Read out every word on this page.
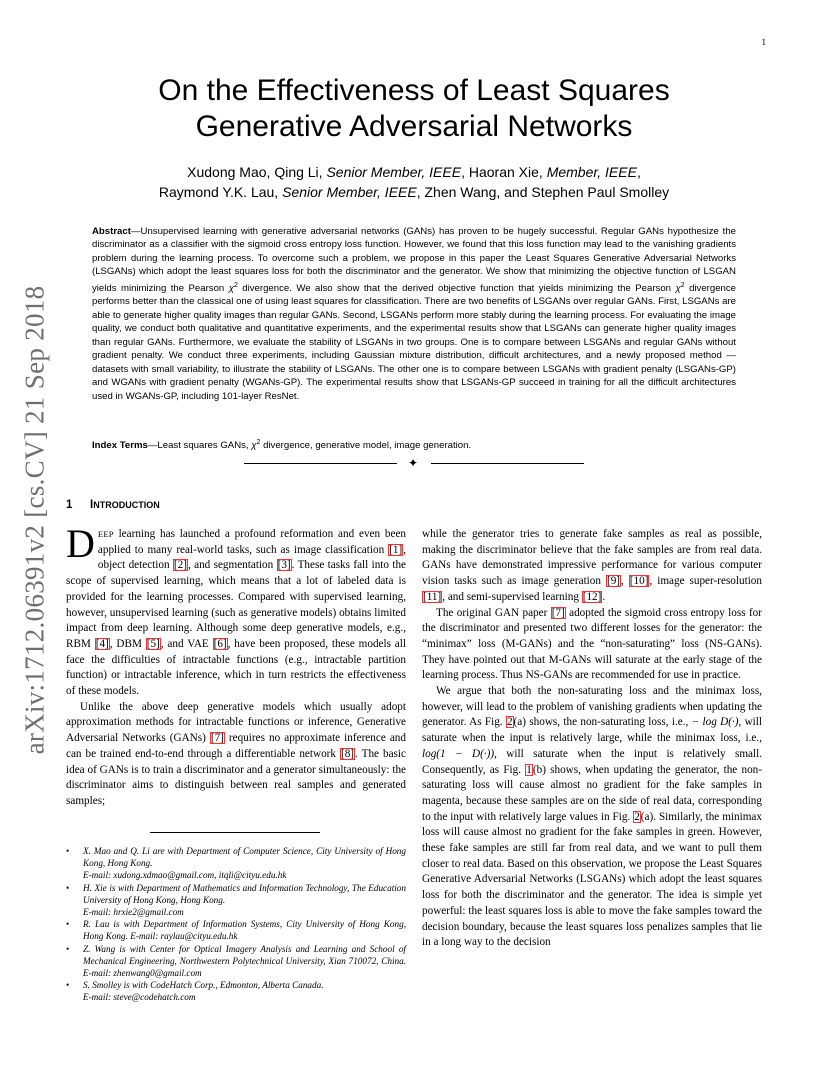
1
arXiv:1712.06391v2 [cs.CV] 21 Sep 2018
On the Effectiveness of Least Squares
Generative Adversarial Networks
Xudong Mao, Qing Li, Senior Member, IEEE, Haoran Xie, Member, IEEE,
Raymond Y.K. Lau, Senior Member, IEEE, Zhen Wang, and Stephen Paul Smolley
Abstract—Unsupervised learning with generative adversarial networks (GANs) has proven to be hugely successful. Regular GANs hypothesize the discriminator as a classifier with the sigmoid cross entropy loss function. However, we found that this loss function may lead to the vanishing gradients problem during the learning process. To overcome such a problem, we propose in this paper the Least Squares Generative Adversarial Networks (LSGANs) which adopt the least squares loss for both the discriminator and the generator. We show that minimizing the objective function of LSGAN yields minimizing the Pearson $\chi^2$ divergence. We also show that the derived objective function that yields minimizing the Pearson $\chi^2$ divergence performs better than the classical one of using least squares for classification. There are two benefits of LSGANs over regular GANs. First, LSGANs are able to generate higher quality images than regular GANs. Second, LSGANs perform more stably during the learning process. For evaluating the image quality, we conduct both qualitative and quantitative experiments, and the experimental results show that LSGANs can generate higher quality images than regular GANs. Furthermore, we evaluate the stability of LSGANs in two groups. One is to compare between LSGANs and regular GANs without gradient penalty. We conduct three experiments, including Gaussian mixture distribution, difficult architectures, and a newly proposed method — datasets with small variability, to illustrate the stability of LSGANs. The other one is to compare between LSGANs with gradient penalty (LSGANs-GP) and WGANs with gradient penalty (WGANs-GP). The experimental results show that LSGANs-GP succeed in training for all the difficult architectures used in WGANs-GP, including 101-layer ResNet.
Index Terms—Least squares GANs, $\chi^2$ divergence, generative model, image generation.
✦
1 INTRODUCTION

DEEP learning has launched a profound reformation and even been applied to many real-world tasks, such as image classification [1], object detection [2], and segmentation [3]. These tasks fall into the scope of supervised learning, which means that a lot of labeled data is provided for the learning processes. Compared with supervised learning, however, unsupervised learning (such as generative models) obtains limited impact from deep learning. Although some deep generative models, e.g., RBM [4], DBM [5], and VAE [6], have been proposed, these models all face the difficulties of intractable functions (e.g., intractable partition function) or intractable inference, which in turn restricts the effectiveness of these models.

Unlike the above deep generative models which usually adopt approximation methods for intractable functions or inference, Generative Adversarial Networks (GANs) [7] requires no approximate inference and can be trained end-to-end through a differentiable network [8]. The basic idea of GANs is to train a discriminator and a generator simultaneously: the discriminator aims to distinguish between real samples and generated samples;

• X. Mao and Q. Li are with Department of Computer Science, City University of Hong Kong, Hong Kong.
E-mail: xudong.xdmao@gmail.com, itqli@cityu.edu.hk
• H. Xie is with Department of Mathematics and Information Technology, The Education University of Hong Kong, Hong Kong.
E-mail: hrxie2@gmail.com
• R. Lau is with Department of Information Systems, City University of Hong Kong, Hong Kong. E-mail: raylau@cityu.edu.hk
• Z. Wang is with Center for Optical Imagery Analysis and Learning and School of Mechanical Engineering, Northwestern Polytechnical University, Xian 710072, China. E-mail: zhenwang0@gmail.com
• S. Smolley is with CodeHatch Corp., Edmonton, Alberta Canada.
E-mail: steve@codehatch.com

while the generator tries to generate fake samples as real as possible, making the discriminator believe that the fake samples are from real data. GANs have demonstrated impressive performance for various computer vision tasks such as image generation [9], [10], image super-resolution [11], and semi-supervised learning [12].

The original GAN paper [7] adopted the sigmoid cross entropy loss for the discriminator and presented two different losses for the generator: the “minimax” loss (M-GANs) and the “non-saturating” loss (NS-GANs). They have pointed out that M-GANs will saturate at the early stage of the learning process. Thus NS-GANs are recommended for use in practice.

We argue that both the non-saturating loss and the minimax loss, however, will lead to the problem of vanishing gradients when updating the generator. As Fig. 2(a) shows, the non-saturating loss, i.e., − log D(·), will saturate when the input is relatively large, while the minimax loss, i.e., log(1 − D(·)), will saturate when the input is relatively small. Consequently, as Fig. 1(b) shows, when updating the generator, the non-saturating loss will cause almost no gradient for the fake samples in magenta, because these samples are on the side of real data, corresponding to the input with relatively large values in Fig. 2(a). Similarly, the minimax loss will cause almost no gradient for the fake samples in green. However, these fake samples are still far from real data, and we want to pull them closer to real data. Based on this observation, we propose the Least Squares Generative Adversarial Networks (LSGANs) which adopt the least squares loss for both the discriminator and the generator. The idea is simple yet powerful: the least squares loss is able to move the fake samples toward the decision boundary, because the least squares loss penalizes samples that lie in a long way to the decision
